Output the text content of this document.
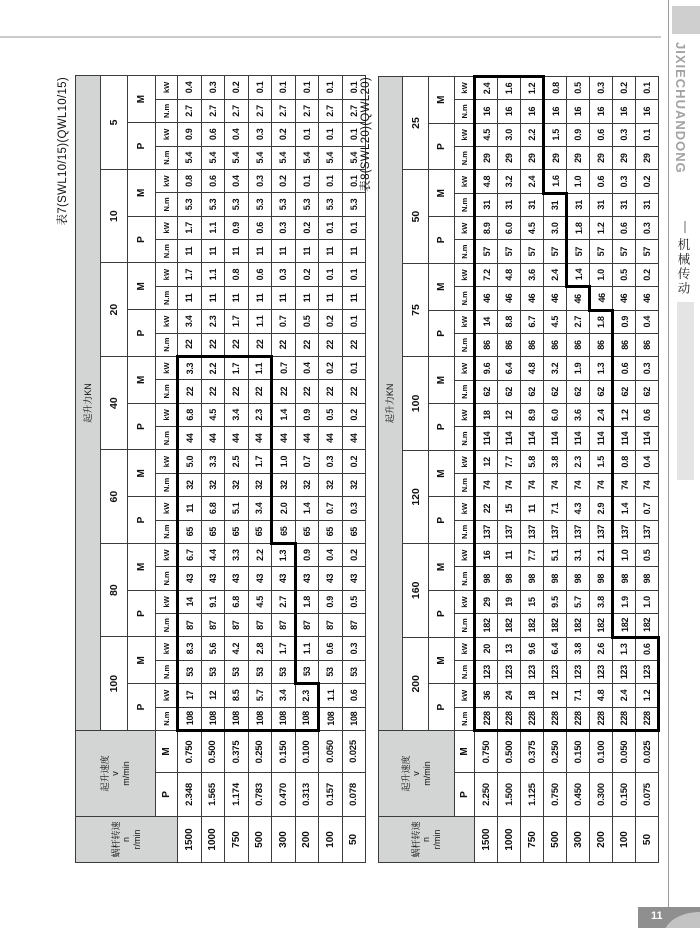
表7(SWL10/15)(QWL10/15)
蜗杆转速 n r/min

起升速度 v m/min
	起升力KN
			100				80				60				40				20				10				5			
			P		M		P		M		P		M		P		M		P		M		P		M		P		M	
	P	M	N.m	kW	N.m	kW	N.m	kW	N.m	kW	N.m	kW	N.m	kW	N.m	kW	N.m	kW	N.m	kW	N.m	kW	N.m	kW	N.m	kW	N.m	kW	N.m	kW
1500	2.348	0.750	108	17	53	8.3	87	14	43	6.7	65	11	32	5.0	44	6.8	22	3.3	22	3.4	11	1.7	11	1.7	5.3	0.8	5.4	0.9	2.7	0.4
1000	1.565	0.500	108	12	53	5.6	87	9.1	43	4.4	65	6.8	32	3.3	44	4.5	22	2.2	22	2.3	11	1.1	11	1.1	5.3	0.6	5.4	0.6	2.7	0.3
750	1.174	0.375	108	8.5	53	4.2	87	6.8	43	3.3	65	5.1	32	2.5	44	3.4	22	1.7	22	1.7	11	0.8	11	0.9	5.3	0.4	5.4	0.4	2.7	0.2
500	0.783	0.250	108	5.7	53	2.8	87	4.5	43	2.2	65	3.4	32	1.7	44	2.3	22	1.1	22	1.1	11	0.6	11	0.6	5.3	0.3	5.4	0.3	2.7	0.1
300	0.470	0.150	108	3.4	53	1.7	87	2.7	43	1.3	65	2.0	32	1.0	44	1.4	22	0.7	22	0.7	11	0.3	11	0.3	5.3	0.2	5.4	0.2	2.7	0.1
200	0.313	0.100	108	2.3	53	1.1	87	1.8	43	0.9	65	1.4	32	0.7	44	0.9	22	0.4	22	0.5	11	0.2	11	0.2	5.3	0.1	5.4	0.1	2.7	0.1
100	0.157	0.050	108	1.1	53	0.6	87	0.9	43	0.4	65	0.7	32	0.3	44	0.5	22	0.2	22	0.2	11	0.1	11	0.1	5.3	0.1	5.4	0.1	2.7	0.1
50	0.078	0.025	108	0.6	53	0.3	87	0.5	43	0.2	65	0.3	32	0.2	44	0.2	22	0.1	22	0.1	11	0.1	11	0.1	5.3	0.1	5.4	0.1	2.7	0.1 表8(SWL20)(QWL20)
蜗杆转速 n r/min

起升速度 v m/min
	起升力KN
			200				160				120				100				75				50				25			
			P		M		P		M		P		M		P		M		P		M		P		M		P		M	
	P	M	N.m	kW	N.m	kW	N.m	kW	N.m	kW	N.m	kW	N.m	kW	N.m	kW	N.m	kW	N.m	kW	N.m	kW	N.m	kW	N.m	kW	N.m	kW	N.m	kW
1500	2.250	0.750	228	36	123	20	182	29	98	16	137	22	74	12	114	18	62	9.6	86	14	46	7.2	57	8.9	31	4.8	29	4.5	16	2.4
1000	1.500	0.500	228	24	123	13	182	19	98	11	137	15	74	7.7	114	12	62	6.4	86	8.8	46	4.8	57	6.0	31	3.2	29	3.0	16	1.6
750	1.125	0.375	228	18	123	9.6	182	15	98	7.7	137	11	74	5.8	114	8.9	62	4.8	86	6.7	46	3.6	57	4.5	31	2.4	29	2.2	16	1.2
500	0.750	0.250	228	12	123	6.4	182	9.5	98	5.1	137	7.1	74	3.8	114	6.0	62	3.2	86	4.5	46	2.4	57	3.0	31	1.6	29	1.5	16	0.8
300	0.450	0.150	228	7.1	123	3.8	182	5.7	98	3.1	137	4.3	74	2.3	114	3.6	62	1.9	86	2.7	46	1.4	57	1.8	31	1.0	29	0.9	16	0.5
200	0.300	0.100	228	4.8	123	2.6	182	3.8	98	2.1	137	2.9	74	1.5	114	2.4	62	1.3	86	1.8	46	1.0	57	1.2	31	0.6	29	0.6	16	0.3
100	0.150	0.050	228	2.4	123	1.3	182	1.9	98	1.0	137	1.4	74	0.8	114	1.2	62	0.6	86	0.9	46	0.5	57	0.6	31	0.3	29	0.3	16	0.2
50	0.075	0.025	228	1.2	123	0.6	182	1.0	98	0.5	137	0.7	74	0.4	114	0.6	62	0.3	86	0.4	46	0.2	57	0.3	31	0.2	29	0.1	16	0.1 JIXIECHUANDONG
机械传动
11
